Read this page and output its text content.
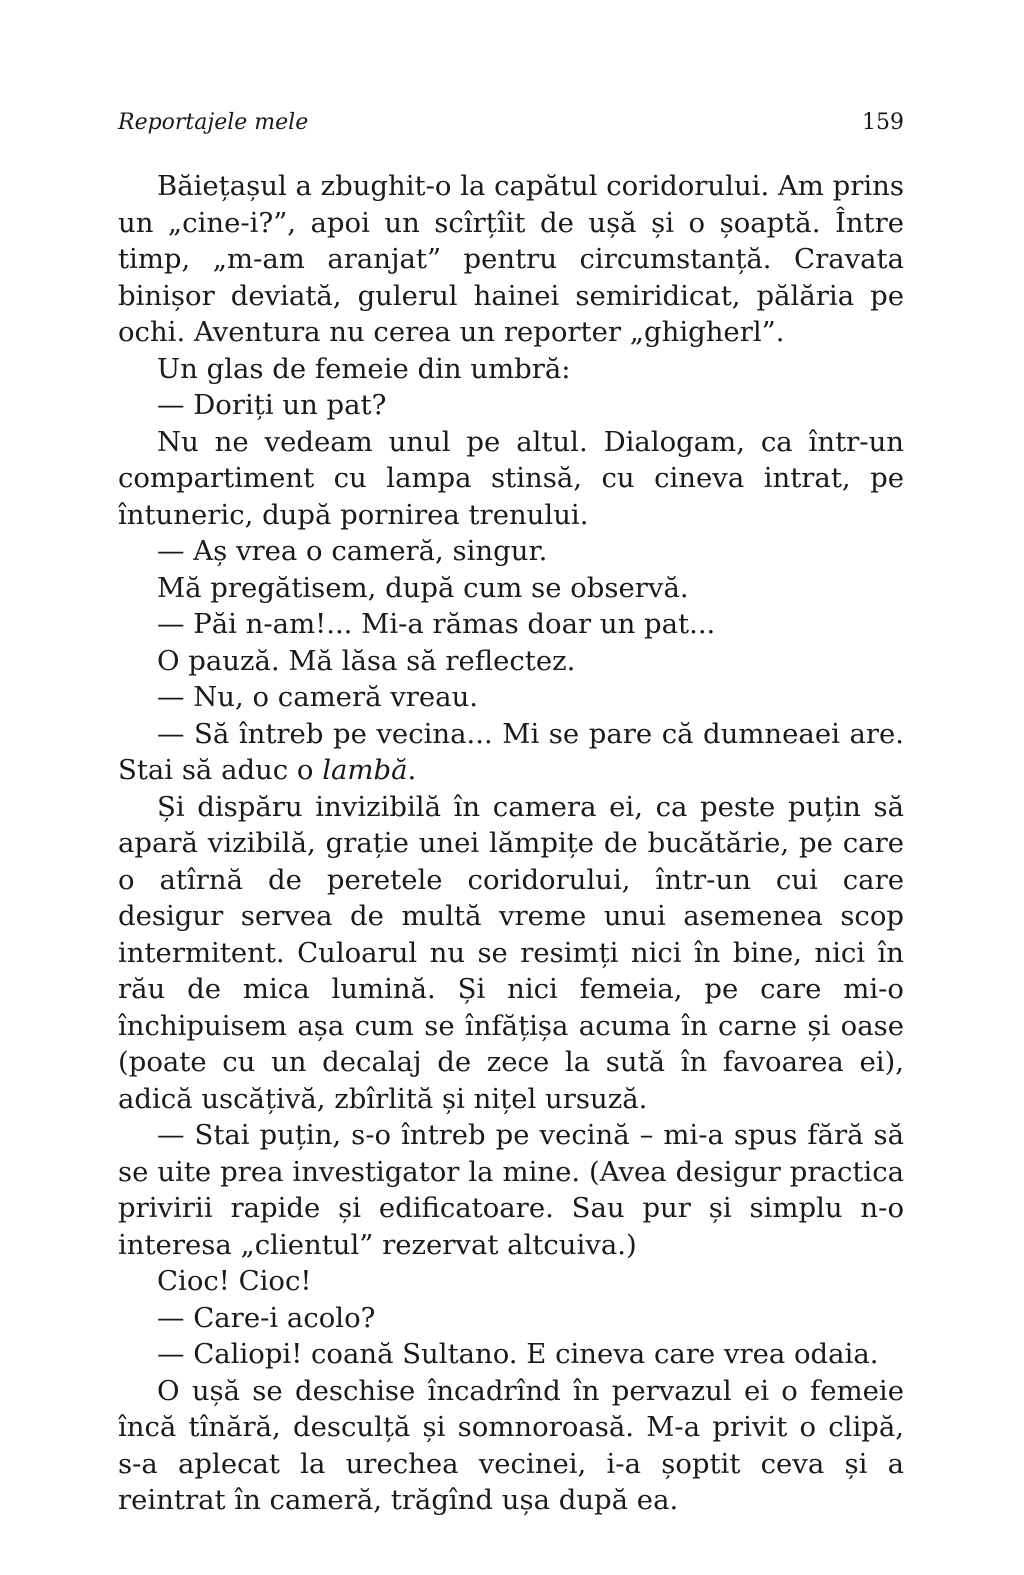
Reportajele mele	159

Băiețașul a zbughit-o la capătul coridorului. Am prins un „cine-i?”, apoi un scîrțîit de ușă și o șoaptă. Între timp, „m-am aranjat” pentru circumstanță. Cravata binișor deviată, gulerul hainei semiridicat, pălăria pe ochi. Aventura nu cerea un reporter „ghigherl”.

Un glas de femeie din umbră:

— Doriți un pat?

Nu ne vedeam unul pe altul. Dialogam, ca într-un compartiment cu lampa stinsă, cu cineva intrat, pe întuneric, după pornirea trenului.

— Aș vrea o cameră, singur.

Mă pregătisem, după cum se observă.

— Păi n-am!... Mi-a rămas doar un pat...

O pauză. Mă lăsa să reflectez.

— Nu, o cameră vreau.

— Să întreb pe vecina... Mi se pare că dumneaei are. Stai să aduc o lambă.

Și dispăru invizibilă în camera ei, ca peste puțin să apară vizibilă, grație unei lămpițe de bucătărie, pe care o atîrnă de peretele coridorului, într-un cui care desigur servea de multă vreme unui asemenea scop intermitent. Culoarul nu se resimți nici în bine, nici în rău de mica lumină. Și nici femeia, pe care mi-o închipuisem așa cum se înfățișa acuma în carne și oase (poate cu un decalaj de zece la sută în favoarea ei), adică uscățivă, zbîrlită și nițel ursuză.

— Stai puțin, s-o întreb pe vecină – mi-a spus fără să se uite prea investigator la mine. (Avea desigur practica privirii rapide și edificatoare. Sau pur și simplu n-o interesa „clientul” rezervat altcuiva.)

Cioc! Cioc!

— Care-i acolo?

— Caliopi! coană Sultano. E cineva care vrea odaia.

O ușă se deschise încadrînd în pervazul ei o femeie încă tînără, desculță și somnoroasă. M-a privit o clipă, s-a aplecat la urechea vecinei, i-a șoptit ceva și a reintrat în cameră, trăgînd ușa după ea.
